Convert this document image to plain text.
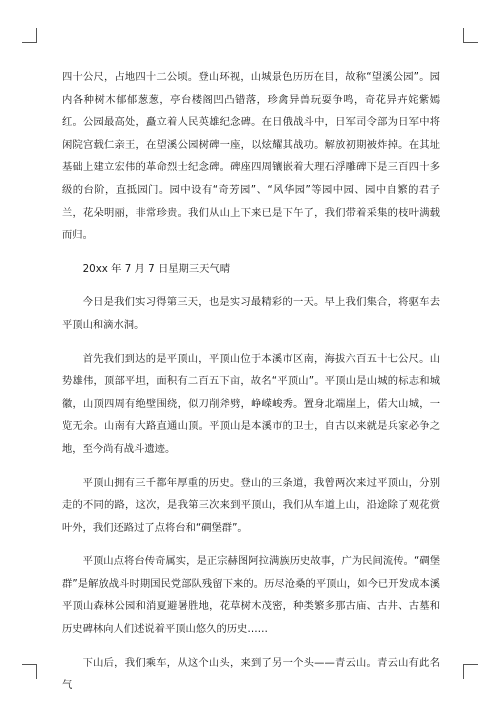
四十公尺，占地四十二公顷。登山环视，山城景色历历在目，故称“望溪公园”。园内各种树木郁郁葱葱，亭台楼阁凹凸错落，珍禽异兽玩耍争鸣，奇花异卉姹紫嫣红。公园最高处，矗立着人民英雄纪念碑。在日俄战斗中，日军司令部为日军中将闲院宫载仁亲王，在望溪公园树碑一座，以炫耀其战功。解放初期被炸掉。在其址基础上建立宏伟的革命烈士纪念碑。碑座四周镶嵌着大理石浮雕碑下是三百四十多级的台阶，直抵园门。园中设有“奇芳园”、“风华园”等园中园、园中自繁的君子兰，花朵明丽，非常珍贵。我们从山上下来已是下午了，我们带着采集的枝叶满载而归。

20xx 年 7 月 7 日星期三天气晴

今日是我们实习得第三天，也是实习最精彩的一天。早上我们集合，将驱车去平顶山和滴水洞。

首先我们到达的是平顶山，平顶山位于本溪市区南，海拔六百五十七公尺。山势雄伟，顶部平坦，面积有二百五下亩，故名“平顶山”。平顶山是山城的标志和城徽，山顶四周有绝壁围绕，似刀削斧劈，峥嵘峻秀。置身北端崖上，偌大山城，一览无余。山南有大路直通山顶。平顶山是本溪市的卫士，自古以来就是兵家必争之地，至今尚有战斗遗迹。

平顶山拥有三千都年厚重的历史。登山的三条道，我曾两次来过平顶山，分别走的不同的路，这次，是我第三次来到平顶山，我们从车道上山，沿途除了观花赏叶外，我们还路过了点将台和“碉堡群”。

平顶山点将台传奇属实，是正宗赫图阿拉满族历史故事，广为民间流传。“碉堡群”是解放战斗时期国民党部队残留下来的。历尽沧桑的平顶山，如今已开发成本溪平顶山森林公园和消夏避暑胜地，花草树木茂密，种类繁多那古庙、古井、古墓和历史碑林向人们述说着平顶山悠久的历史……

下山后，我们乘车，从这个山头，来到了另一个头——青云山。青云山有此名气
